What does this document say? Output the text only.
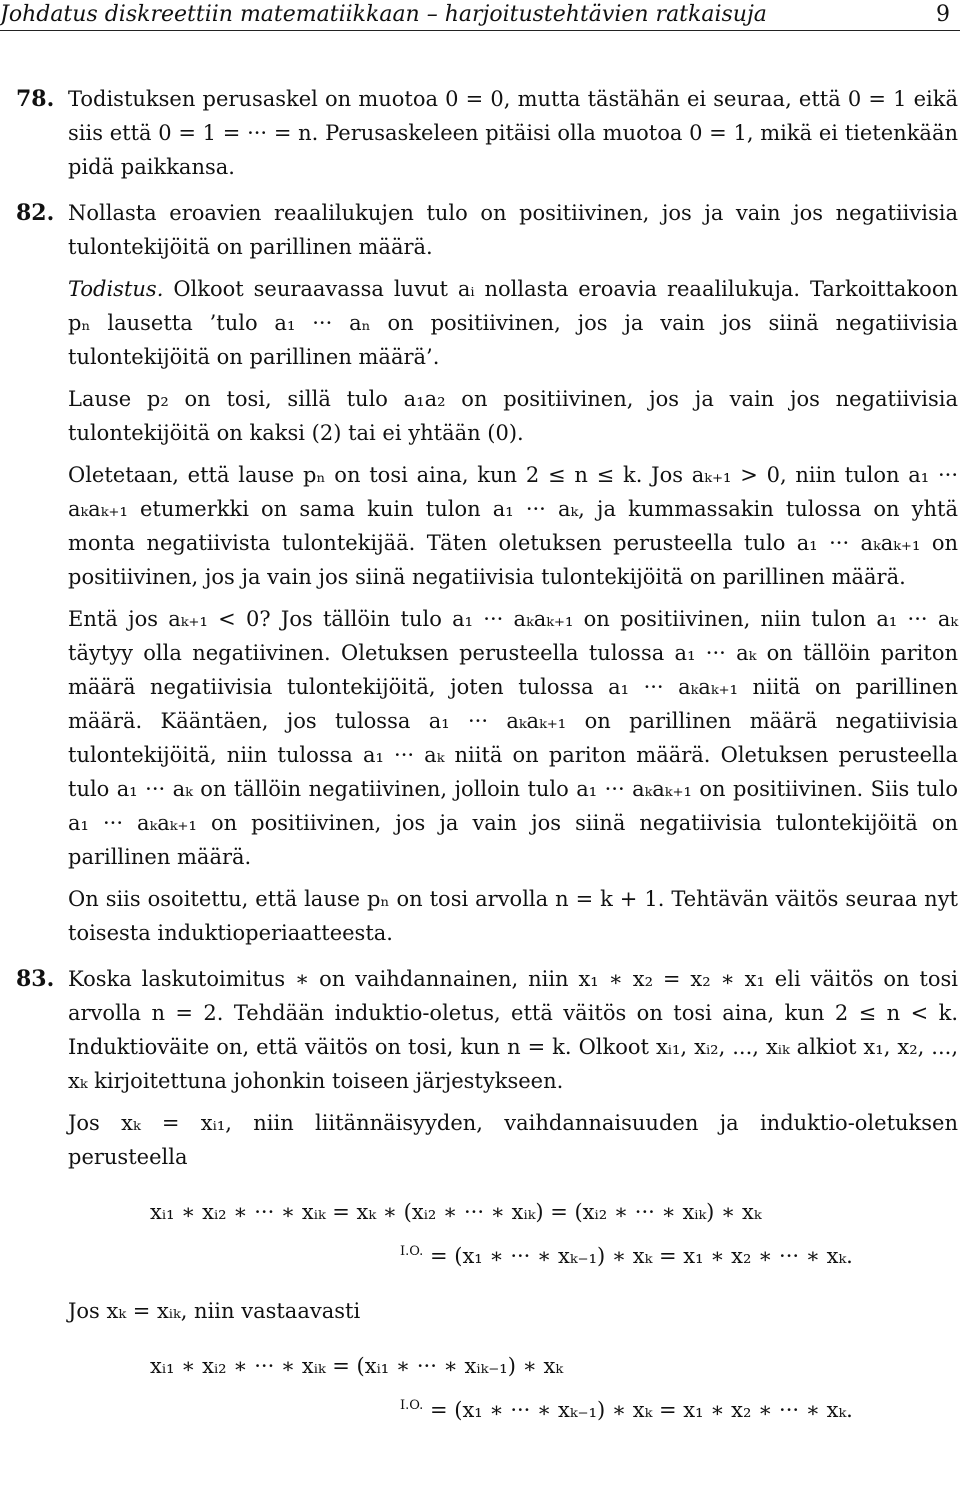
Johdatus diskreettiin matematiikkaan – harjoitustehtävien ratkaisuja	9
78. Todistuksen perusaskel on muotoa 0 = 0, mutta tästähän ei seuraa, että 0 = 1 eikä siis että 0 = 1 = ··· = n. Perusaskeleen pitäisi olla muotoa 0 = 1, mikä ei tietenkään pidä paikkansa.

82. Nollasta eroavien reaalilukujen tulo on positiivinen, jos ja vain jos negatiivisia tulontekijöitä on parillinen määrä.

Todistus. Olkoot seuraavassa luvut aᵢ nollasta eroavia reaalilukuja. Tarkoittakoon pₙ lausetta ’tulo a₁ ··· aₙ on positiivinen, jos ja vain jos siinä negatiivisia tulontekijöitä on parillinen määrä’.

Lause p₂ on tosi, sillä tulo a₁a₂ on positiivinen, jos ja vain jos negatiivisia tulontekijöitä on kaksi (2) tai ei yhtään (0).

Oletetaan, että lause pₙ on tosi aina, kun 2 ≤ n ≤ k. Jos aₖ₊₁ > 0, niin tulon a₁ ··· aₖaₖ₊₁ etumerkki on sama kuin tulon a₁ ··· aₖ, ja kummassakin tulossa on yhtä monta negatiivista tulontekijää. Täten oletuksen perusteella tulo a₁ ··· aₖaₖ₊₁ on positiivinen, jos ja vain jos siinä negatiivisia tulontekijöitä on parillinen määrä.

Entä jos aₖ₊₁ < 0? Jos tällöin tulo a₁ ··· aₖaₖ₊₁ on positiivinen, niin tulon a₁ ··· aₖ täytyy olla negatiivinen. Oletuksen perusteella tulossa a₁ ··· aₖ on tällöin pariton määrä negatiivisia tulontekijöitä, joten tulossa a₁ ··· aₖaₖ₊₁ niitä on parillinen määrä. Kääntäen, jos tulossa a₁ ··· aₖaₖ₊₁ on parillinen määrä negatiivisia tulontekijöitä, niin tulossa a₁ ··· aₖ niitä on pariton määrä. Oletuksen perusteella tulo a₁ ··· aₖ on tällöin negatiivinen, jolloin tulo a₁ ··· aₖaₖ₊₁ on positiivinen. Siis tulo a₁ ··· aₖaₖ₊₁ on positiivinen, jos ja vain jos siinä negatiivisia tulontekijöitä on parillinen määrä.

On siis osoitettu, että lause pₙ on tosi arvolla n = k + 1. Tehtävän väitös seuraa nyt toisesta induktioperiaatteesta.

83. Koska laskutoimitus ∗ on vaihdannainen, niin x₁ ∗ x₂ = x₂ ∗ x₁ eli väitös on tosi arvolla n = 2. Tehdään induktio-oletus, että väitös on tosi aina, kun 2 ≤ n < k. Induktioväite on, että väitös on tosi, kun n = k. Olkoot xᵢ₁, xᵢ₂, ..., xᵢₖ alkiot x₁, x₂, ..., xₖ kirjoitettuna johonkin toiseen järjestykseen.

Jos xₖ = xᵢ₁, niin liitännäisyyden, vaihdannaisuuden ja induktio-oletuksen perusteella

xᵢ₁ ∗ xᵢ₂ ∗ ··· ∗ xᵢₖ = xₖ ∗ (xᵢ₂ ∗ ··· ∗ xᵢₖ) = (xᵢ₂ ∗ ··· ∗ xᵢₖ) ∗ xₖ
$^{I.O.}$ = (x₁ ∗ ··· ∗ xₖ₋₁) ∗ xₖ = x₁ ∗ x₂ ∗ ··· ∗ xₖ.

Jos xₖ = xᵢₖ, niin vastaavasti

xᵢ₁ ∗ xᵢ₂ ∗ ··· ∗ xᵢₖ = (xᵢ₁ ∗ ··· ∗ xᵢₖ₋₁) ∗ xₖ
$^{I.O.}$ = (x₁ ∗ ··· ∗ xₖ₋₁) ∗ xₖ = x₁ ∗ x₂ ∗ ··· ∗ xₖ.
